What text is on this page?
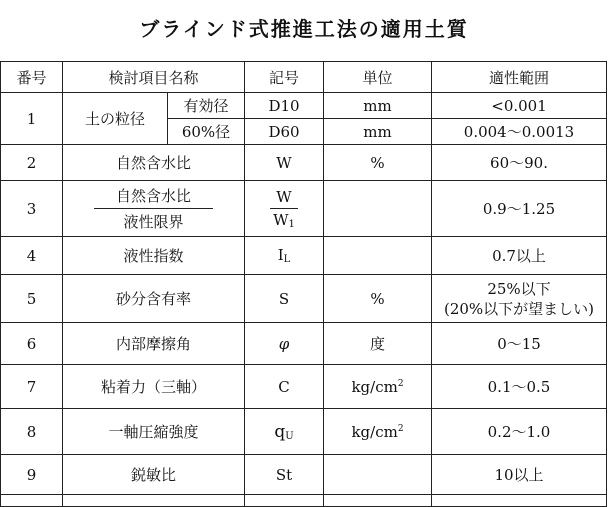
ブラインド式推進工法の適用土質
番号	検討項目名称		記号	単位	適性範囲
1	土の粒径	有効径	D10	mm	<0.001
		60%径	D60	mm	0.004～0.0013
2	自然含水比		W	%	60～90.
3	$\frac{\text{自然含水比}}{\text{液性限界}}$		$\frac{W}{W_1}$		0.9～1.25
4	液性指数		$I_L$		0.7以上
5	砂分含有率		S	%	25%以下
(20%以下が望ましい)

6	内部摩擦角		φ	度	0～15
7	粘着力（三軸）		C	$kg/cm^2$	0.1～0.5
8	一軸圧縮強度		$q_U$	$kg/cm^2$	0.2～1.0
9	鋭敏比		St		10以上
